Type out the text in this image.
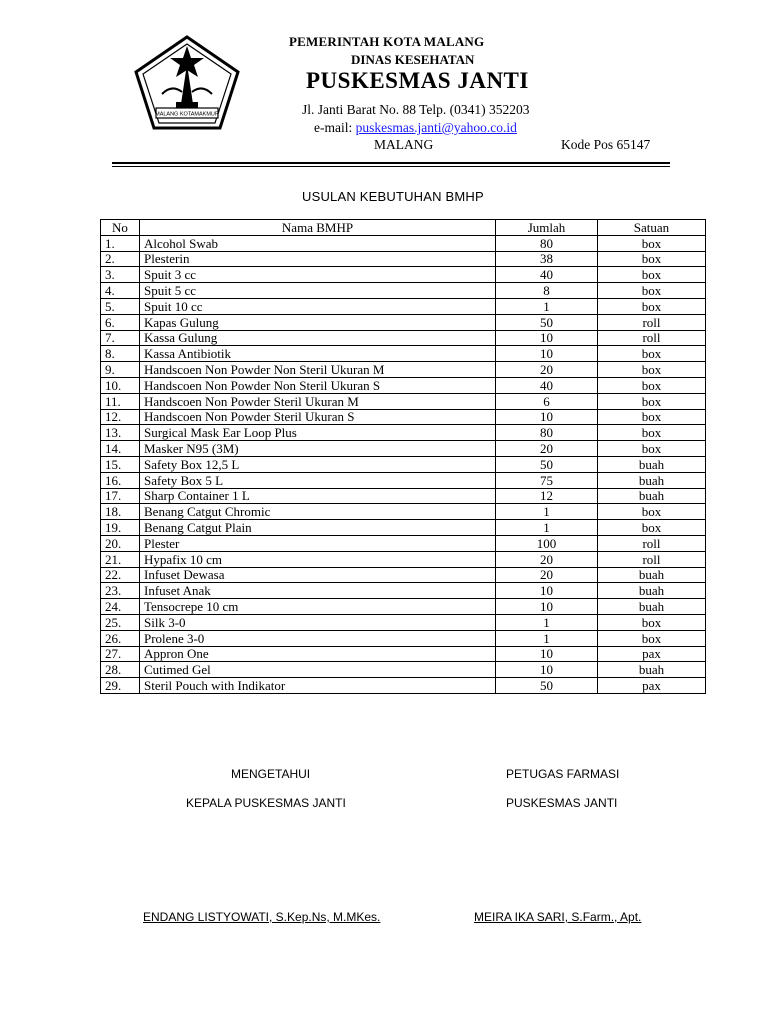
MALANG KOTAMAKMUR
PEMERINTAH KOTA MALANG
DINAS KESEHATAN
PUSKESMAS JANTI
Jl. Janti Barat No. 88 Telp. (0341) 352203
e-mail: puskesmas.janti@yahoo.co.id
MALANG	Kode Pos 65147
USULAN KEBUTUHAN BMHP
No	Nama BMHP	Jumlah	Satuan
1.	Alcohol Swab	80	box
2.	Plesterin	38	box
3.	Spuit 3 cc	40	box
4.	Spuit 5 cc	8	box
5.	Spuit 10 cc	1	box
6.	Kapas Gulung	50	roll
7.	Kassa Gulung	10	roll
8.	Kassa Antibiotik	10	box
9.	Handscoen Non Powder Non Steril Ukuran M	20	box
10.	Handscoen Non Powder Non Steril Ukuran S	40	box
11.	Handscoen Non Powder Steril Ukuran M	6	box
12.	Handscoen Non Powder Steril Ukuran S	10	box
13.	Surgical Mask Ear Loop Plus	80	box
14.	Masker N95 (3M)	20	box
15.	Safety Box 12,5 L	50	buah
16.	Safety Box 5 L	75	buah
17.	Sharp Container 1 L	12	buah
18.	Benang Catgut Chromic	1	box
19.	Benang Catgut Plain	1	box
20.	Plester	100	roll
21.	Hypafix 10 cm	20	roll
22.	Infuset Dewasa	20	buah
23.	Infuset Anak	10	buah
24.	Tensocrepe 10 cm	10	buah
25.	Silk 3-0	1	box
26.	Prolene 3-0	1	box
27.	Appron One	10	pax
28.	Cutimed Gel	10	buah
29.	Steril Pouch with Indikator	50	pax
MENGETAHUI
KEPALA PUSKESMAS JANTI
PETUGAS FARMASI
PUSKESMAS JANTI
ENDANG LISTYOWATI, S.Kep.Ns, M.MKes.	MEIRA IKA SARI, S.Farm., Apt.
